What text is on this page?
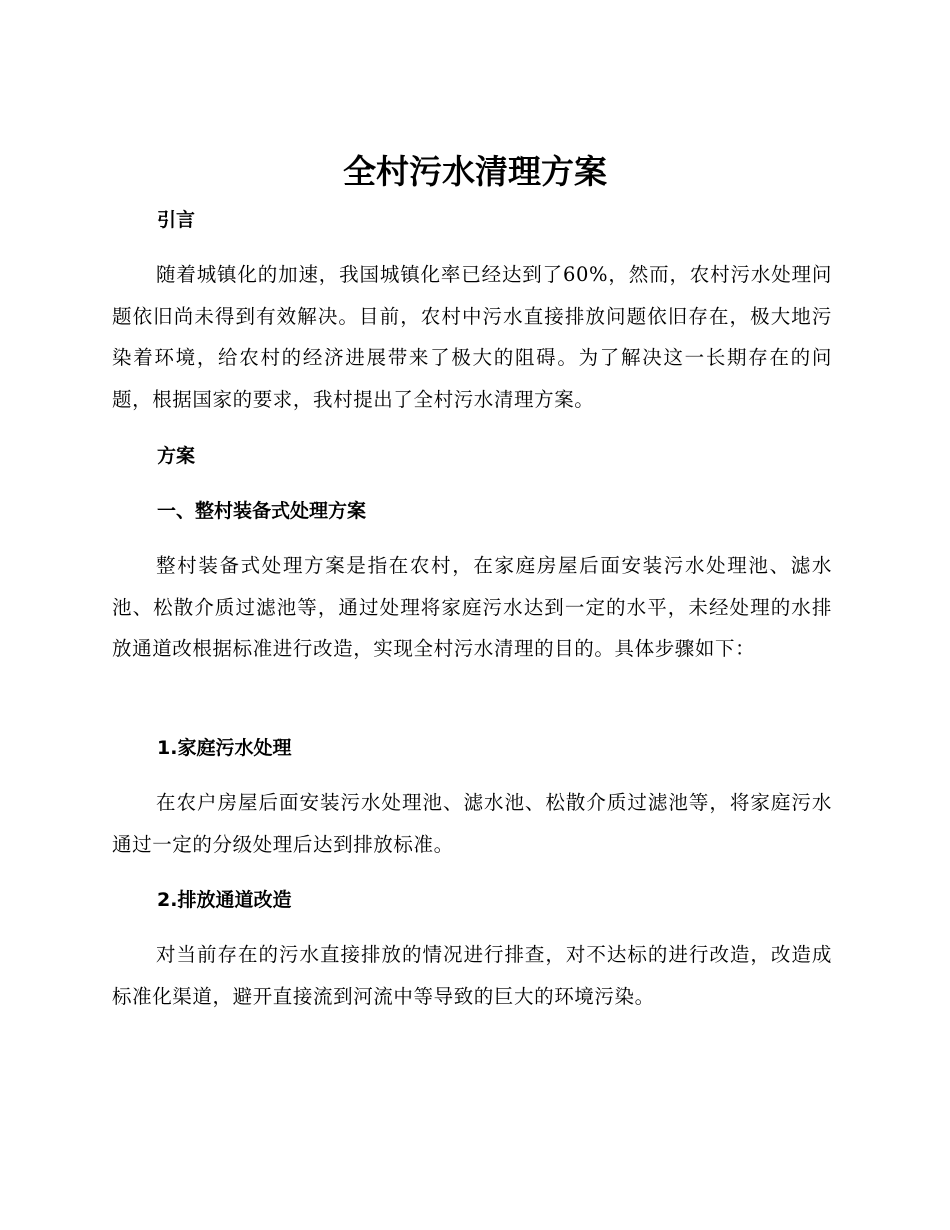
全村污水清理方案
引言

随着城镇化的加速，我国城镇化率已经达到了60%，然而，农村污水处理问题依旧尚未得到有效解决。目前，农村中污水直接排放问题依旧存在，极大地污染着环境，给农村的经济进展带来了极大的阻碍。为了解决这一长期存在的问题，根据国家的要求，我村提出了全村污水清理方案。

方案
一、整村装备式处理方案

整村装备式处理方案是指在农村，在家庭房屋后面安装污水处理池、滤水池、松散介质过滤池等，通过处理将家庭污水达到一定的水平，未经处理的水排放通道改根据标准进行改造，实现全村污水清理的目的。具体步骤如下：

1.家庭污水处理

在农户房屋后面安装污水处理池、滤水池、松散介质过滤池等，将家庭污水通过一定的分级处理后达到排放标准。

2.排放通道改造

对当前存在的污水直接排放的情况进行排查，对不达标的进行改造，改造成标准化渠道，避开直接流到河流中等导致的巨大的环境污染。
